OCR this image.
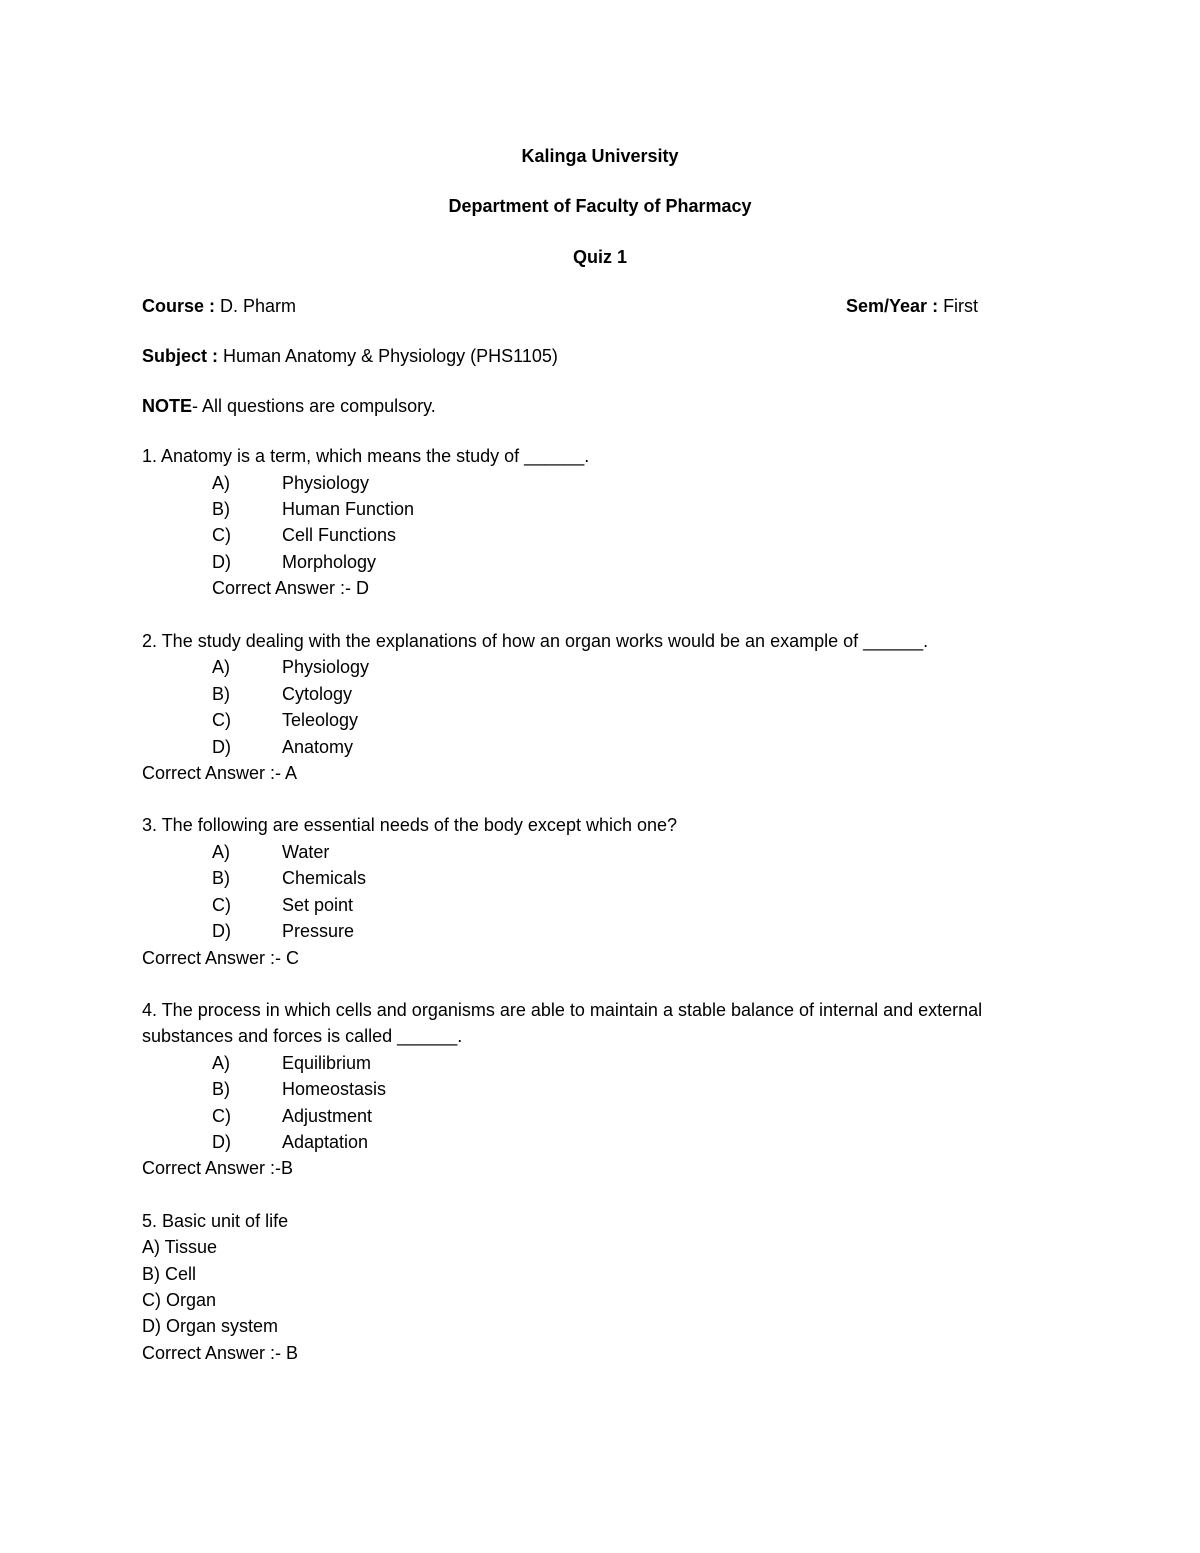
Kalinga University
Department of Faculty of Pharmacy
Quiz 1
Course : D. Pharm	Sem/Year : First
Subject : Human Anatomy & Physiology (PHS1105)
NOTE- All questions are compulsory.
1. Anatomy is a term, which means the study of ______.
A)	Physiology
B)	Human Function
C)	Cell Functions
D)	Morphology
Correct Answer :- D
2. The study dealing with the explanations of how an organ works would be an example of ______.
A)	Physiology
B)	Cytology
C)	Teleology
D)	Anatomy
Correct Answer :- A
3. The following are essential needs of the body except which one?
A)	Water
B)	Chemicals
C)	Set point
D)	Pressure
Correct Answer :- C
4. The process in which cells and organisms are able to maintain a stable balance of internal and external
substances and forces is called ______.
A)	Equilibrium
B)	Homeostasis
C)	Adjustment
D)	Adaptation
Correct Answer :-B
5. Basic unit of life
A) Tissue
B) Cell
C) Organ
D) Organ system
Correct Answer :- B
